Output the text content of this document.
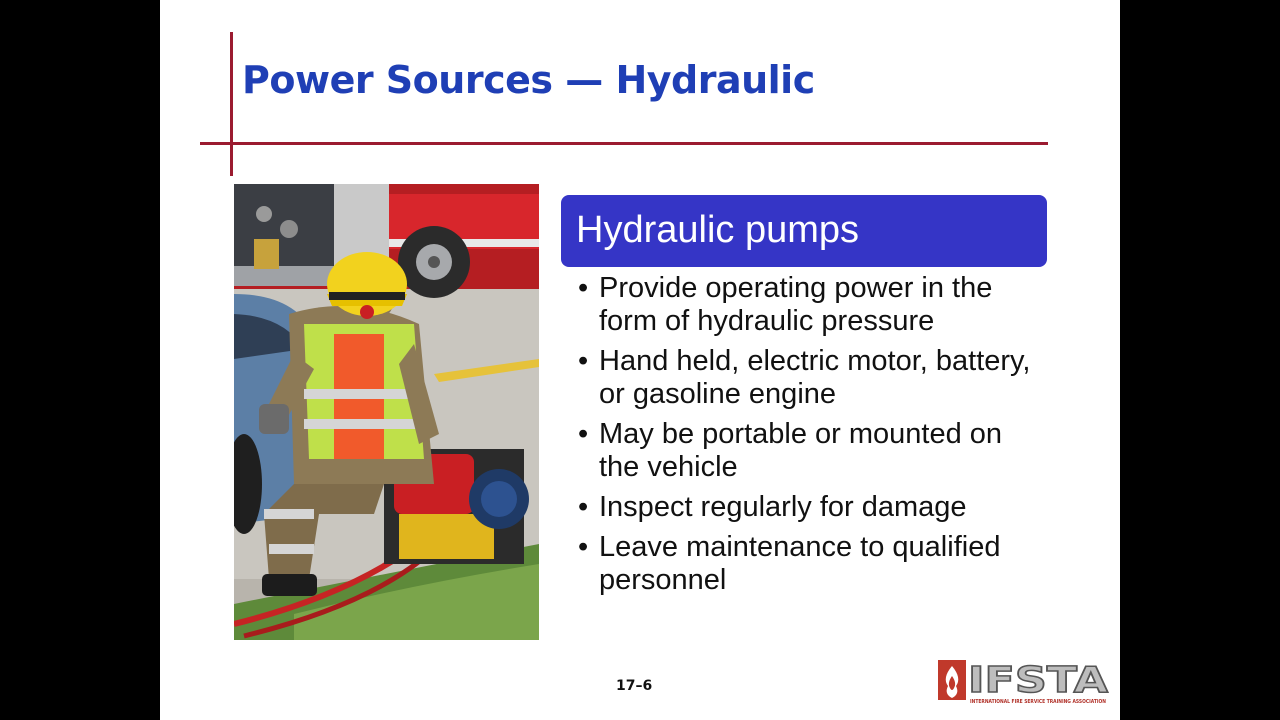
Power Sources — Hydraulic
Hydraulic pumps
• Provide operating power in the form of hydraulic pressure
• Hand held, electric motor, battery, or gasoline engine
• May be portable or mounted on the vehicle
• Inspect regularly for damage
• Leave maintenance to qualified personnel
17–6	IFSTA
INTERNATIONAL FIRE SERVICE TRAINING ASSOCIATION
